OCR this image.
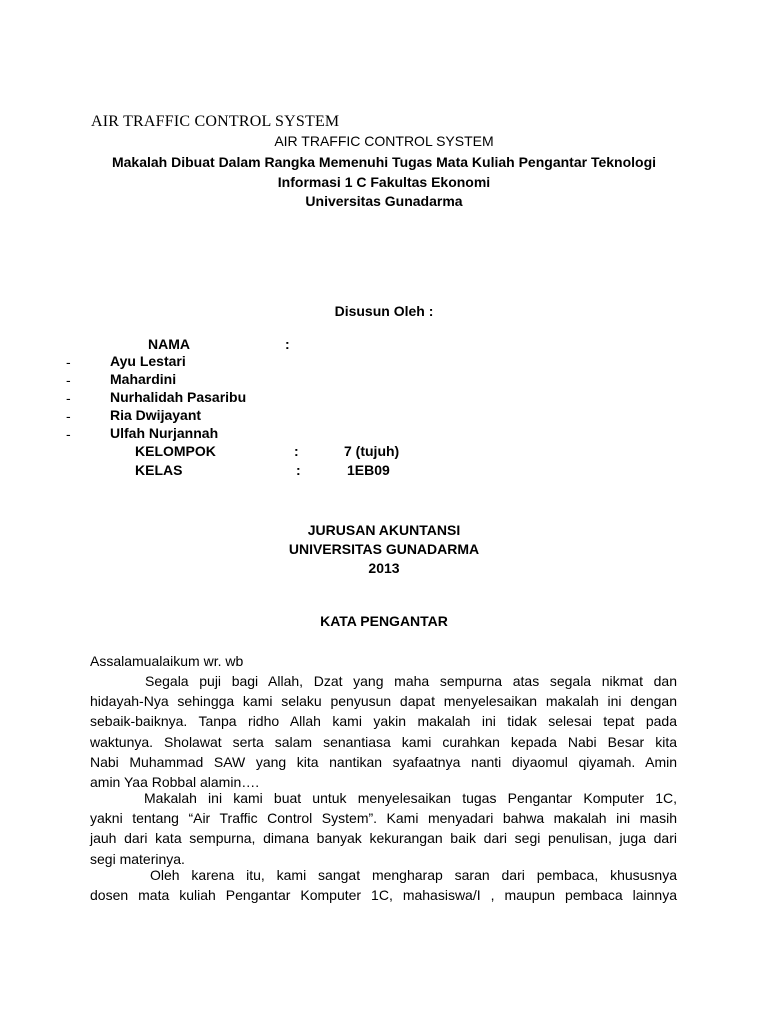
AIR TRAFFIC CONTROL SYSTEM
AIR TRAFFIC CONTROL SYSTEM
Makalah Dibuat Dalam Rangka Memenuhi Tugas Mata Kuliah Pengantar Teknologi
Informasi 1 C Fakultas Ekonomi
Universitas Gunadarma
Disusun Oleh :
NAMA	:
-	Ayu Lestari
-	Mahardini
-	Nurhalidah Pasaribu
-	Ria Dwijayant
-	Ulfah Nurjannah
KELOMPOK	:	7 (tujuh)
KELAS	:	1EB09
JURUSAN AKUNTANSI
UNIVERSITAS GUNADARMA
2013
KATA PENGANTAR
Assalamualaikum wr. wb
Segala puji bagi Allah, Dzat yang maha sempurna atas segala nikmat dan
hidayah-Nya sehingga kami selaku penyusun dapat menyelesaikan makalah ini dengan
sebaik-baiknya. Tanpa ridho Allah kami yakin makalah ini tidak selesai tepat pada
waktunya. Sholawat serta salam senantiasa kami curahkan kepada Nabi Besar kita
Nabi Muhammad SAW yang kita nantikan syafaatnya nanti diyaomul qiyamah. Amin
amin Yaa Robbal alamin….
Makalah ini kami buat untuk menyelesaikan tugas Pengantar Komputer 1C,
yakni tentang “Air Traffic Control System”. Kami menyadari bahwa makalah ini masih
jauh dari kata sempurna, dimana banyak kekurangan baik dari segi penulisan, juga dari
segi materinya.
Oleh karena itu, kami sangat mengharap saran dari pembaca, khususnya
dosen mata kuliah Pengantar Komputer 1C, mahasiswa/I , maupun pembaca lainnya
